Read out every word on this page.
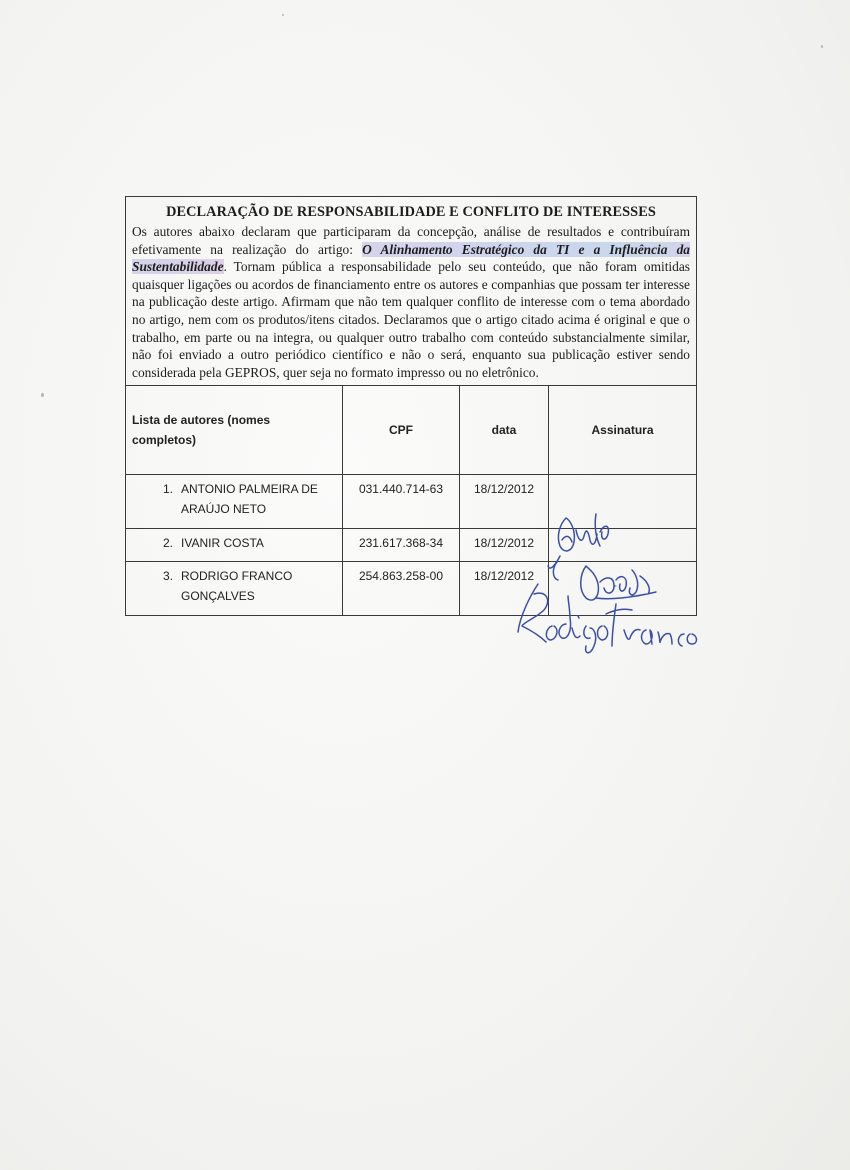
DECLARAÇÃO DE RESPONSABILIDADE E CONFLITO DE INTERESSES

Os autores abaixo declaram que participaram da concepção, análise de resultados e contribuíram efetivamente na realização do artigo: O Alinhamento Estratégico da TI e a Influência da Sustentabilidade. Tornam pública a responsabilidade pelo seu conteúdo, que não foram omitidas quaisquer ligações ou acordos de financiamento entre os autores e companhias que possam ter interesse na publicação deste artigo. Afirmam que não tem qualquer conflito de interesse com o tema abordado no artigo, nem com os produtos/itens citados. Declaramos que o artigo citado acima é original e que o trabalho, em parte ou na integra, ou qualquer outro trabalho com conteúdo substancialmente similar, não foi enviado a outro periódico científico e não o será, enquanto sua publicação estiver sendo considerada pela GEPROS, quer seja no formato impresso ou no eletrônico.

Lista de autores (nomes completos)	CPF	data	Assinatura

1. ANTONIO PALMEIRA DE ARAÚJO NETO	031.440.714-63	18/12/2012	

2. IVANIR COSTA	231.617.368-34	18/12/2012	

3. RODRIGO FRANCO GONÇALVES	254.863.258-00	18/12/2012	
